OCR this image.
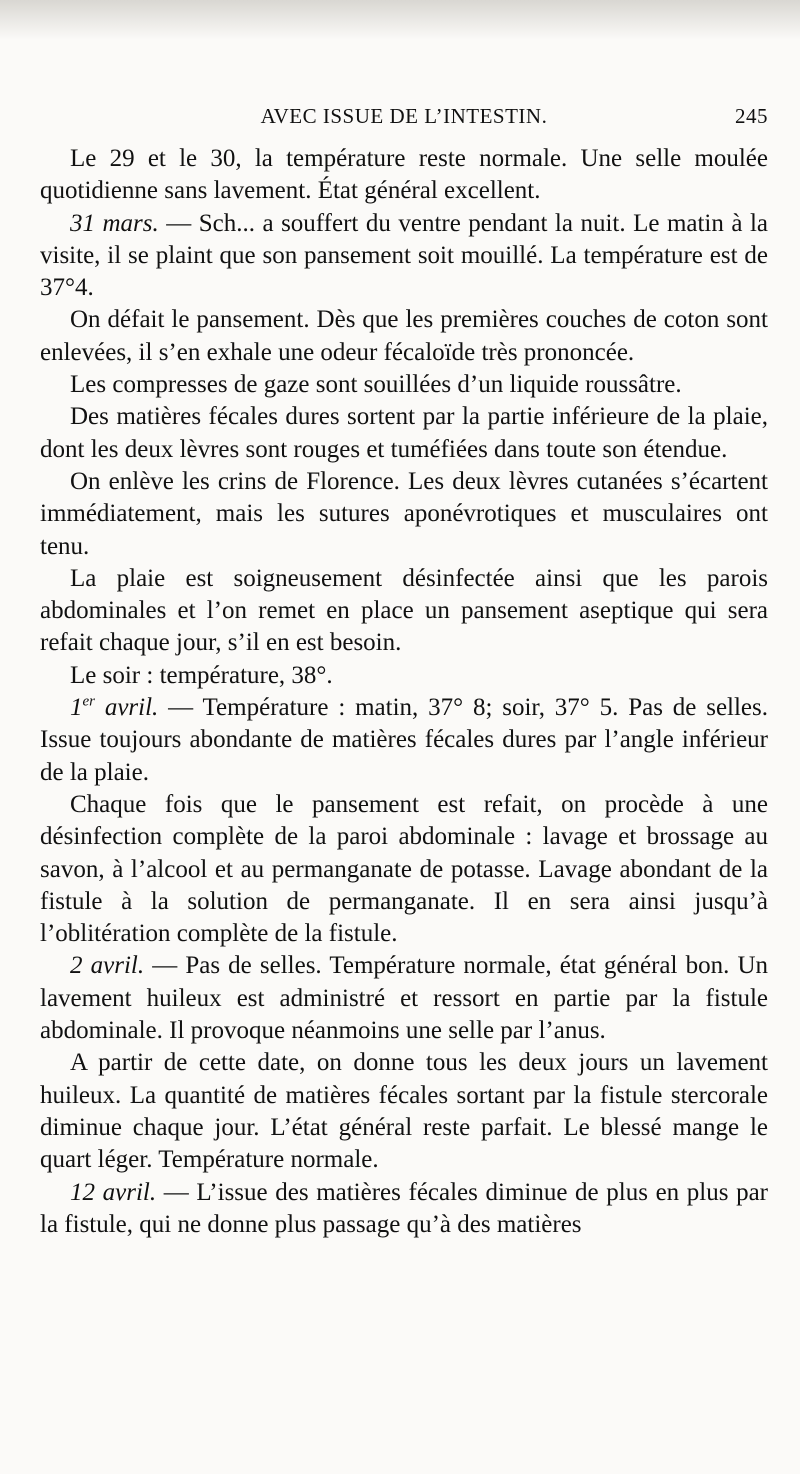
AVEC ISSUE DE L’INTESTIN.	245

Le 29 et le 30, la température reste normale. Une selle moulée quotidienne sans lavement. État général excellent.

31 mars. — Sch... a souffert du ventre pendant la nuit. Le matin à la visite, il se plaint que son pansement soit mouillé. La température est de 37°4.

On défait le pansement. Dès que les premières couches de coton sont enlevées, il s’en exhale une odeur fécaloïde très prononcée.

Les compresses de gaze sont souillées d’un liquide roussâtre.

Des matières fécales dures sortent par la partie inférieure de la plaie, dont les deux lèvres sont rouges et tuméfiées dans toute son étendue.

On enlève les crins de Florence. Les deux lèvres cutanées s’écartent immédiatement, mais les sutures aponévrotiques et musculaires ont tenu.

La plaie est soigneusement désinfectée ainsi que les parois abdominales et l’on remet en place un pansement aseptique qui sera refait chaque jour, s’il en est besoin.

Le soir : température, 38°.

1er avril. — Température : matin, 37° 8; soir, 37° 5. Pas de selles. Issue toujours abondante de matières fécales dures par l’angle inférieur de la plaie.

Chaque fois que le pansement est refait, on procède à une désinfection complète de la paroi abdominale : lavage et brossage au savon, à l’alcool et au permanganate de potasse. Lavage abondant de la fistule à la solution de permanganate. Il en sera ainsi jusqu’à l’oblitération complète de la fistule.

2 avril. — Pas de selles. Température normale, état général bon. Un lavement huileux est administré et ressort en partie par la fistule abdominale. Il provoque néanmoins une selle par l’anus.

A partir de cette date, on donne tous les deux jours un lavement huileux. La quantité de matières fécales sortant par la fistule stercorale diminue chaque jour. L’état général reste parfait. Le blessé mange le quart léger. Température normale.

12 avril. — L’issue des matières fécales diminue de plus en plus par la fistule, qui ne donne plus passage qu’à des matières
